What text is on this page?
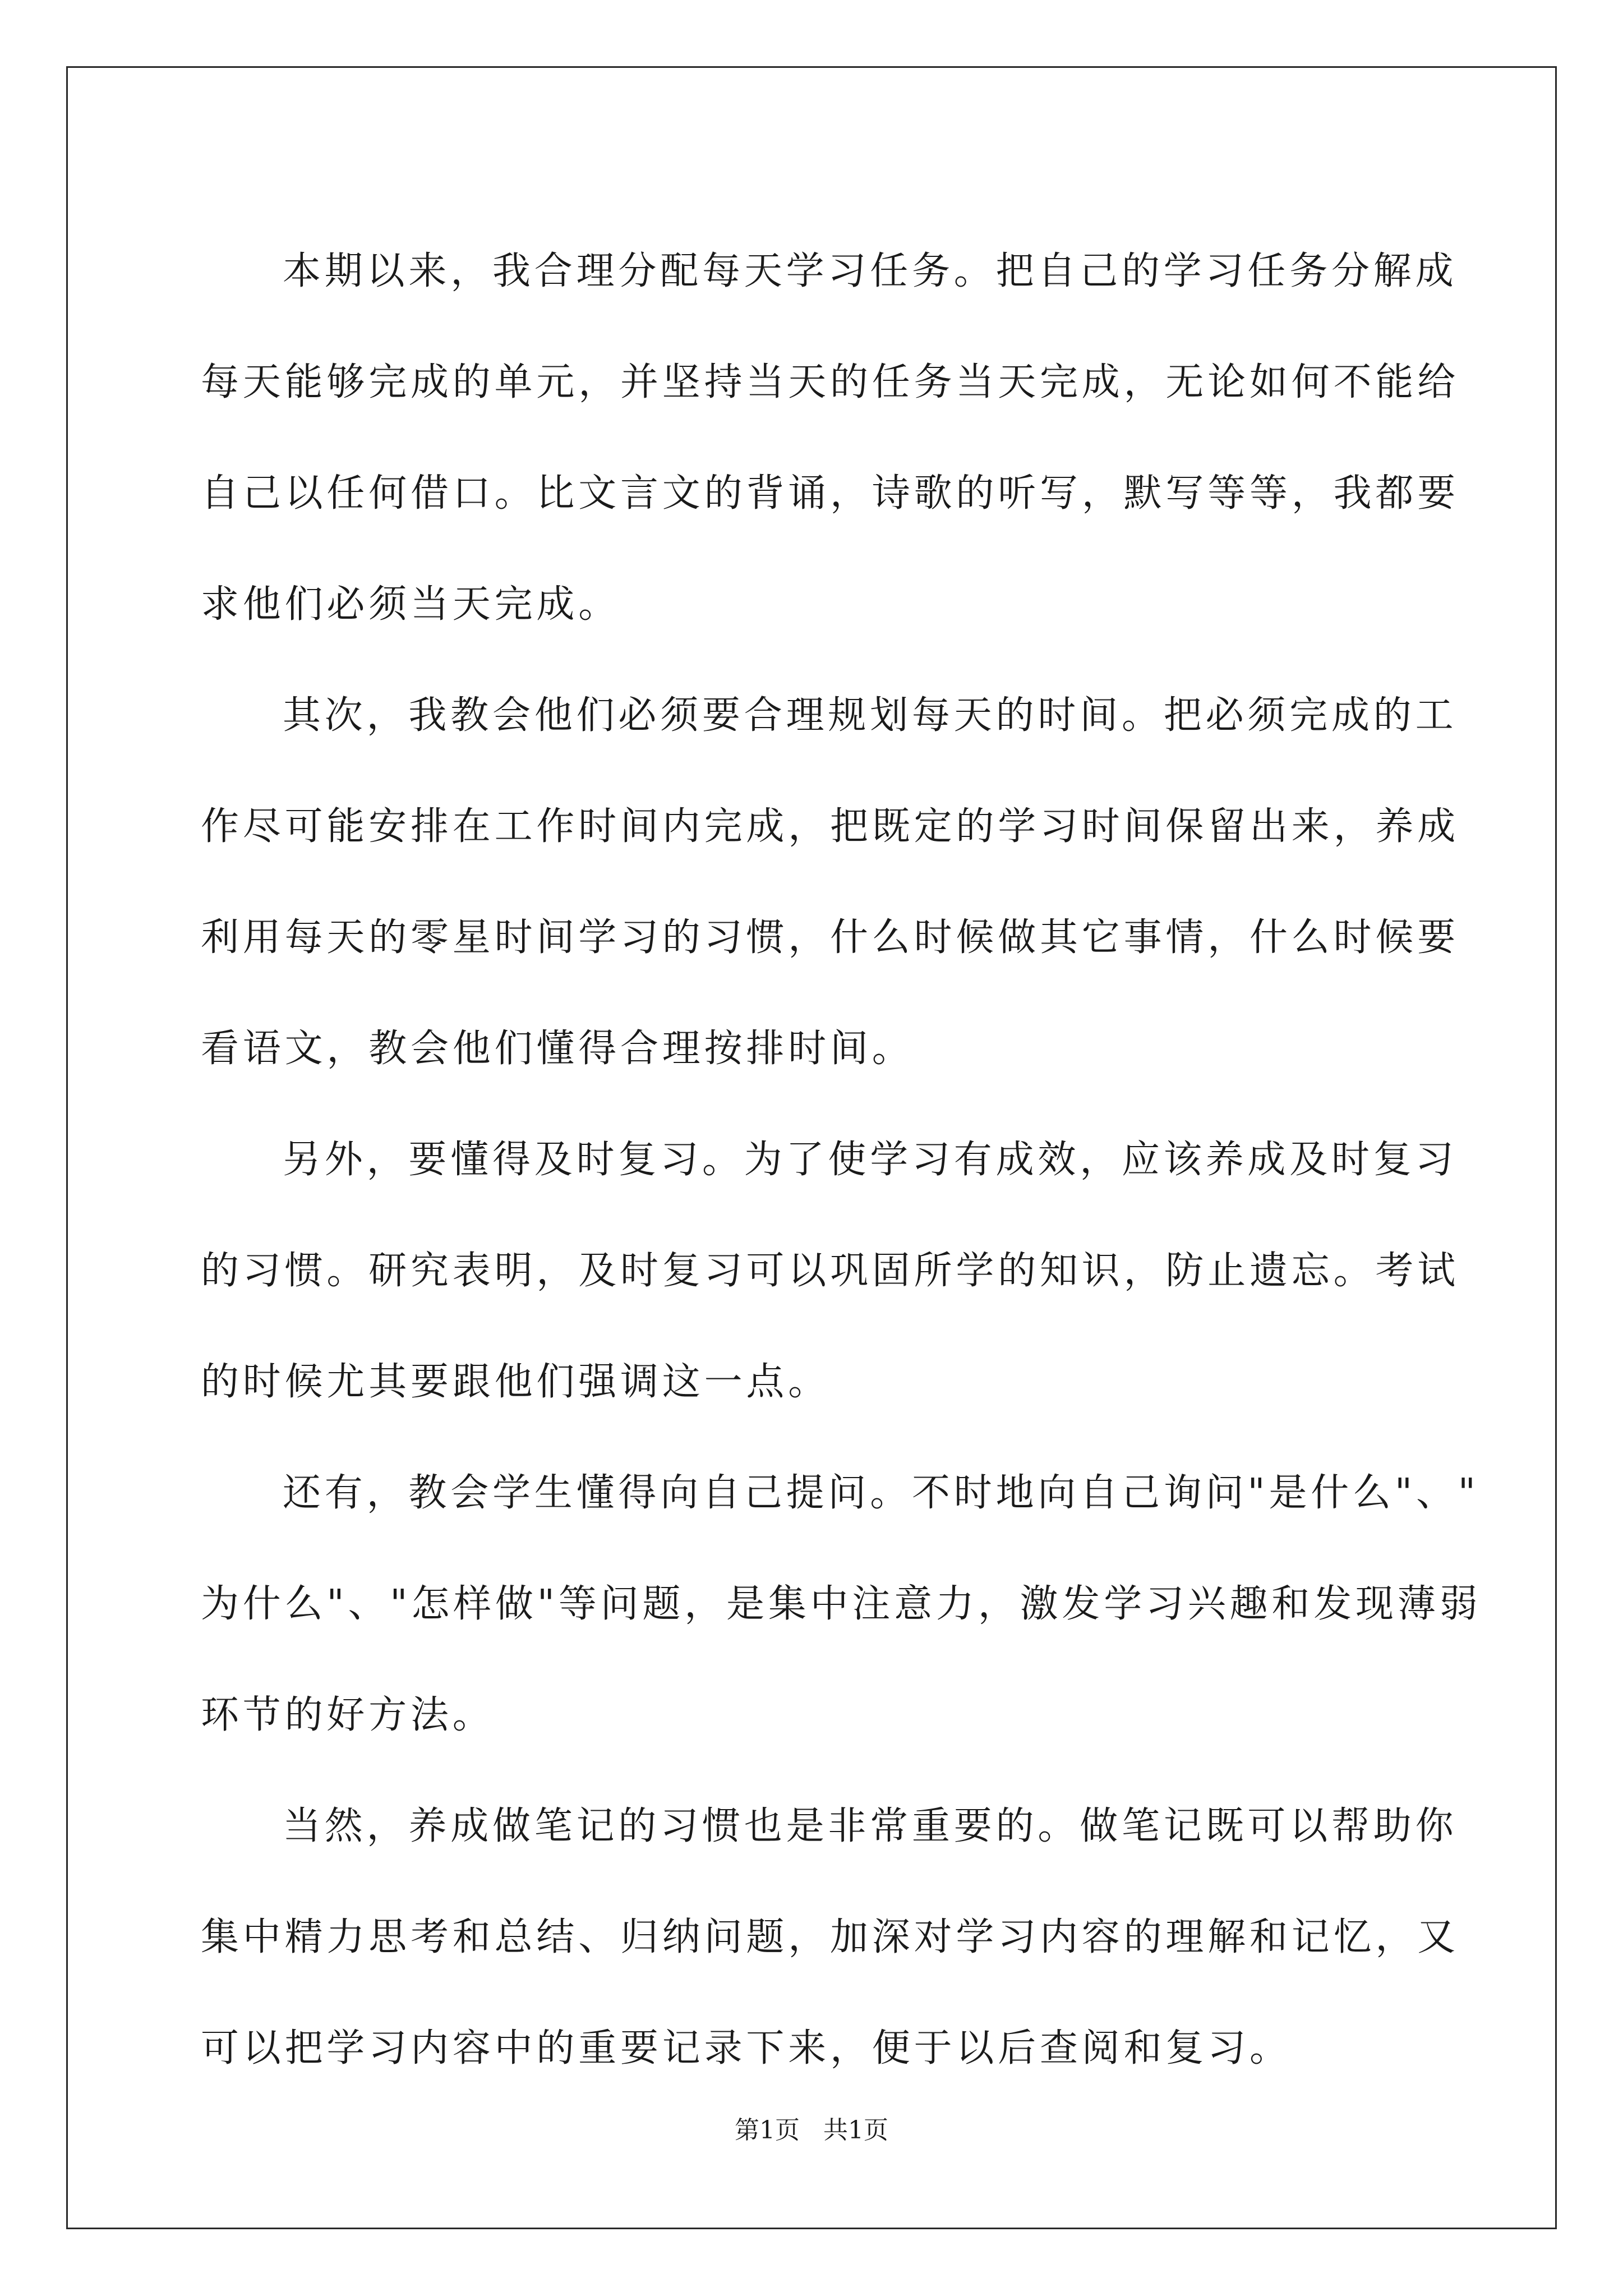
本期以来，我合理分配每天学习任务。把自己的学习任务分解成
每天能够完成的单元，并坚持当天的任务当天完成，无论如何不能给
自己以任何借口。比文言文的背诵，诗歌的听写，默写等等，我都要
求他们必须当天完成。
其次，我教会他们必须要合理规划每天的时间。把必须完成的工
作尽可能安排在工作时间内完成，把既定的学习时间保留出来，养成
利用每天的零星时间学习的习惯，什么时候做其它事情，什么时候要
看语文，教会他们懂得合理按排时间。
另外，要懂得及时复习。为了使学习有成效，应该养成及时复习
的习惯。研究表明，及时复习可以巩固所学的知识，防止遗忘。考试
的时候尤其要跟他们强调这一点。
还有，教会学生懂得向自己提问。不时地向自己询问"是什么"、"
为什么"、"怎样做"等问题，是集中注意力，激发学习兴趣和发现薄弱
环节的好方法。
当然，养成做笔记的习惯也是非常重要的。做笔记既可以帮助你
集中精力思考和总结、归纳问题，加深对学习内容的理解和记忆，又
可以把学习内容中的重要记录下来，便于以后查阅和复习。
第1页 共1页
